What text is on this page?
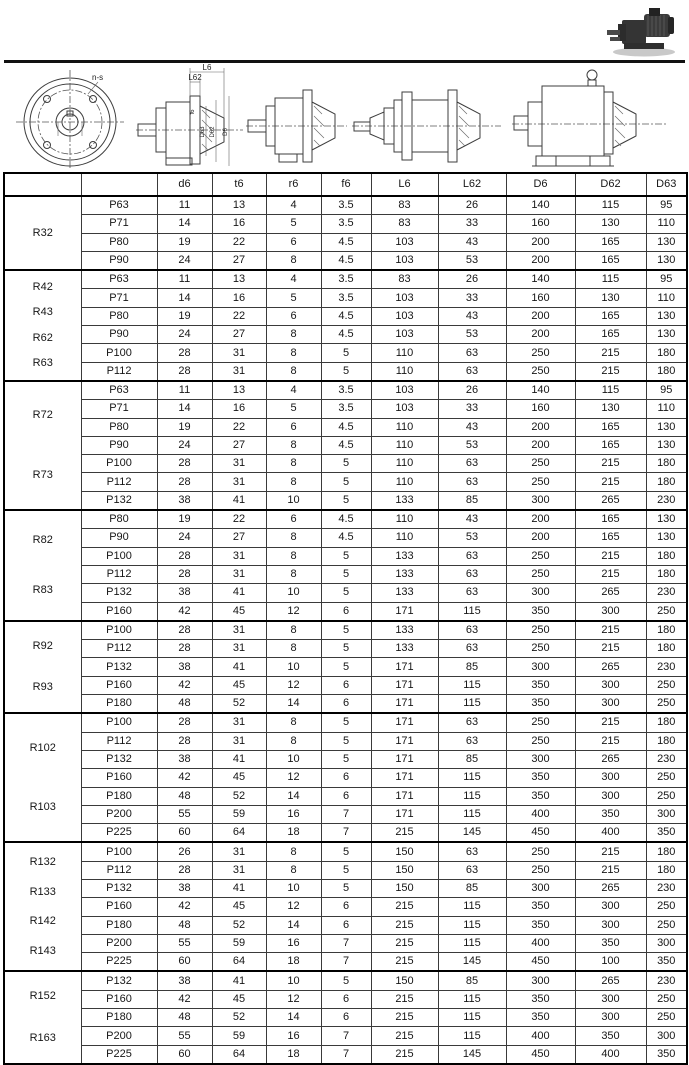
n-s
L6
L62
f6
D63 D62 D6
		d6	t6	r6	f6	L6	L62	D6	D62	D63

R32	P63	11	13	4	3.5	83	26	140	115	95
	P71	14	16	5	3.5	83	33	160	130	110
	P80	19	22	6	4.5	103	43	200	165	130
	P90	24	27	8	4.5	103	53	200	165	130

R42
R43
R62
R63	P63	11	13	4	3.5	83	26	140	115	95
	P71	14	16	5	3.5	103	33	160	130	110
	P80	19	22	6	4.5	103	43	200	165	130
	P90	24	27	8	4.5	103	53	200	165	130
	P100	28	31	8	5	110	63	250	215	180
	P112	28	31	8	5	110	63	250	215	180

R72
R73	P63	11	13	4	3.5	103	26	140	115	95
	P71	14	16	5	3.5	103	33	160	130	110
	P80	19	22	6	4.5	110	43	200	165	130
	P90	24	27	8	4.5	110	53	200	165	130
	P100	28	31	8	5	110	63	250	215	180
	P112	28	31	8	5	110	63	250	215	180
	P132	38	41	10	5	133	85	300	265	230

R82
R83	P80	19	22	6	4.5	110	43	200	165	130
	P90	24	27	8	4.5	110	53	200	165	130
	P100	28	31	8	5	133	63	250	215	180
	P112	28	31	8	5	133	63	250	215	180
	P132	38	41	10	5	133	63	300	265	230
	P160	42	45	12	6	171	115	350	300	250

R92
R93	P100	28	31	8	5	133	63	250	215	180
	P112	28	31	8	5	133	63	250	215	180
	P132	38	41	10	5	171	85	300	265	230
	P160	42	45	12	6	171	115	350	300	250
	P180	48	52	14	6	171	115	350	300	250

R102
R103	P100	28	31	8	5	171	63	250	215	180
	P112	28	31	8	5	171	63	250	215	180
	P132	38	41	10	5	171	85	300	265	230
	P160	42	45	12	6	171	115	350	300	250
	P180	48	52	14	6	171	115	350	300	250
	P200	55	59	16	7	171	115	400	350	300
	P225	60	64	18	7	215	145	450	400	350

R132
R133
R142
R143	P100	26	31	8	5	150	63	250	215	180
	P112	28	31	8	5	150	63	250	215	180
	P132	38	41	10	5	150	85	300	265	230
	P160	42	45	12	6	215	115	350	300	250
	P180	48	52	14	6	215	115	350	300	250
	P200	55	59	16	7	215	115	400	350	300
	P225	60	64	18	7	215	145	450	100	350

R152
R163	P132	38	41	10	5	150	85	300	265	230
	P160	42	45	12	6	215	115	350	300	250
	P180	48	52	14	6	215	115	350	300	250
	P200	55	59	16	7	215	115	400	350	300
	P225	60	64	18	7	215	145	450	400	350
